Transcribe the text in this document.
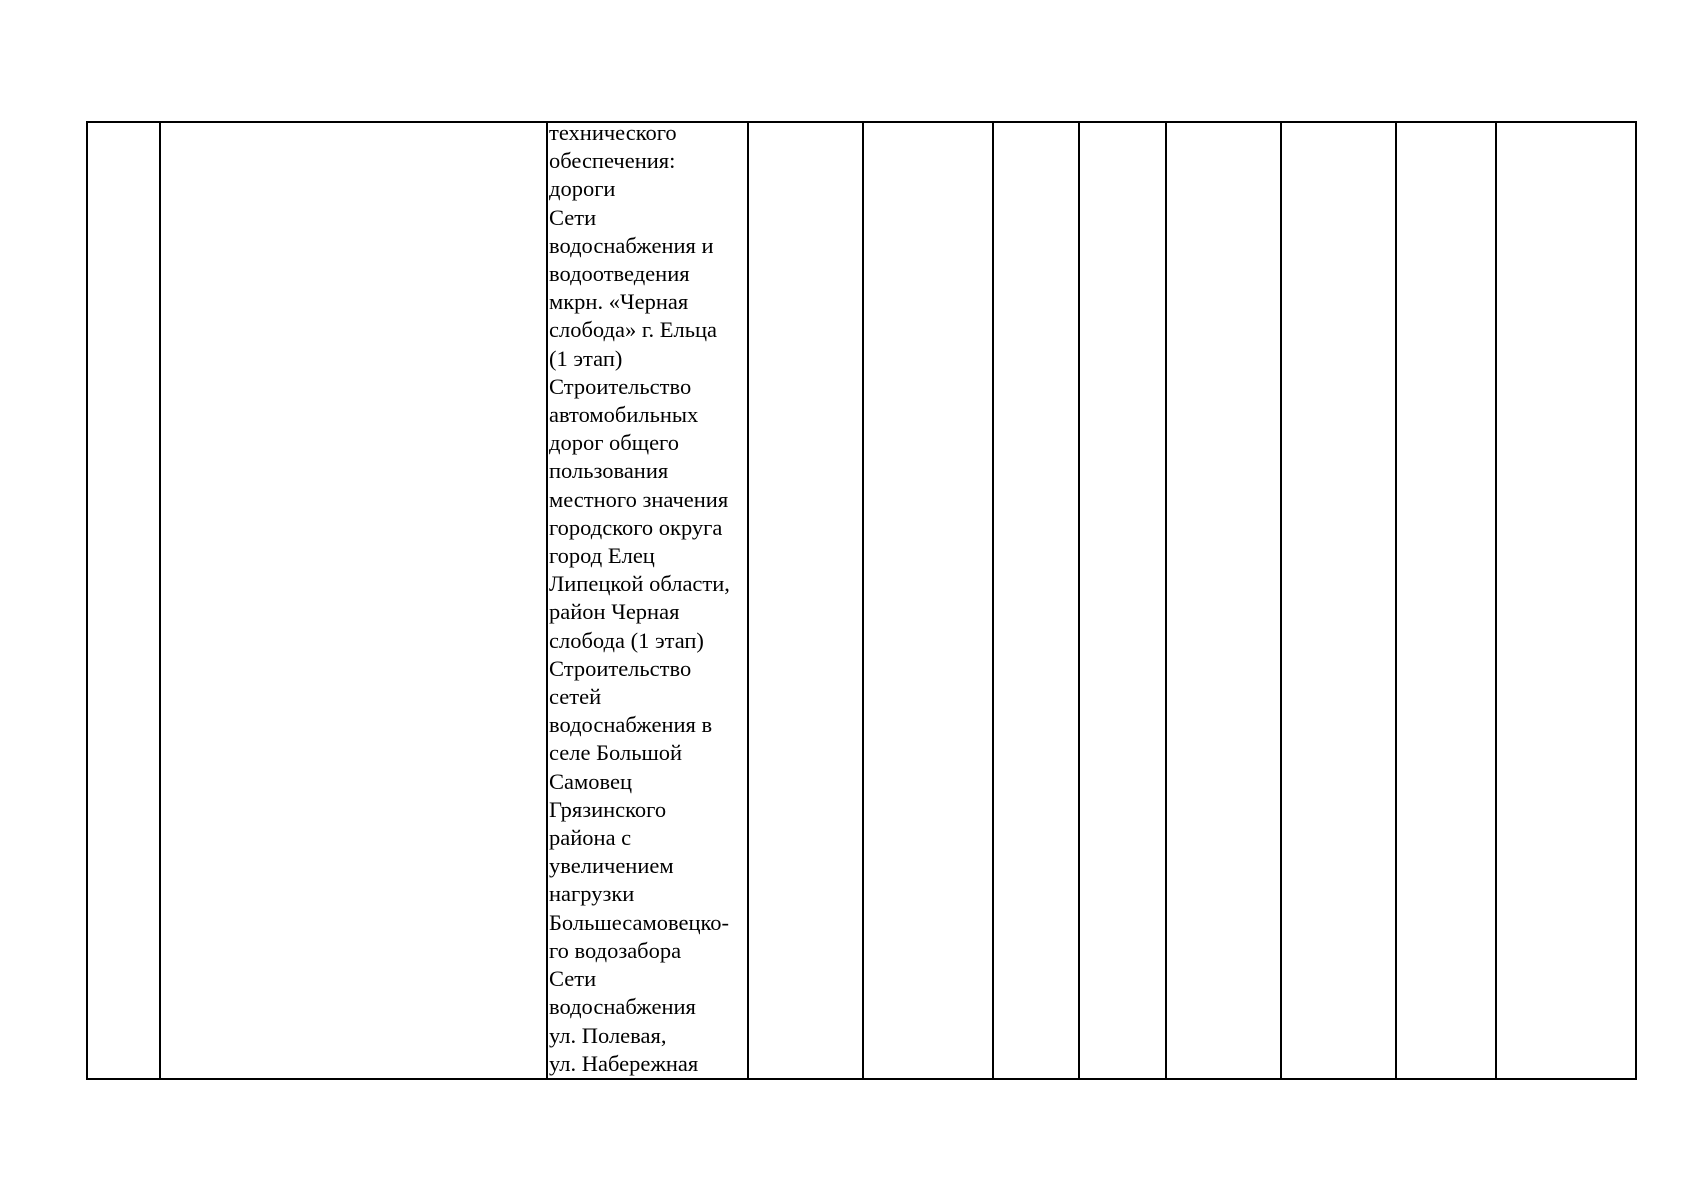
технического
обеспечения:
дороги
Сети
водоснабжения и
водоотведения
мкрн. «Черная
слобода» г. Ельца
(1 этап)
Строительство
автомобильных
дорог общего
пользования
местного значения
городского округа
город Елец
Липецкой области,
район Черная
слобода (1 этап)
Строительство
сетей
водоснабжения в
селе Большой
Самовец
Грязинского
района с
увеличением
нагрузки
Большесамовецко-
го водозабора
Сети
водоснабжения
ул. Полевая,
ул. Набережная
